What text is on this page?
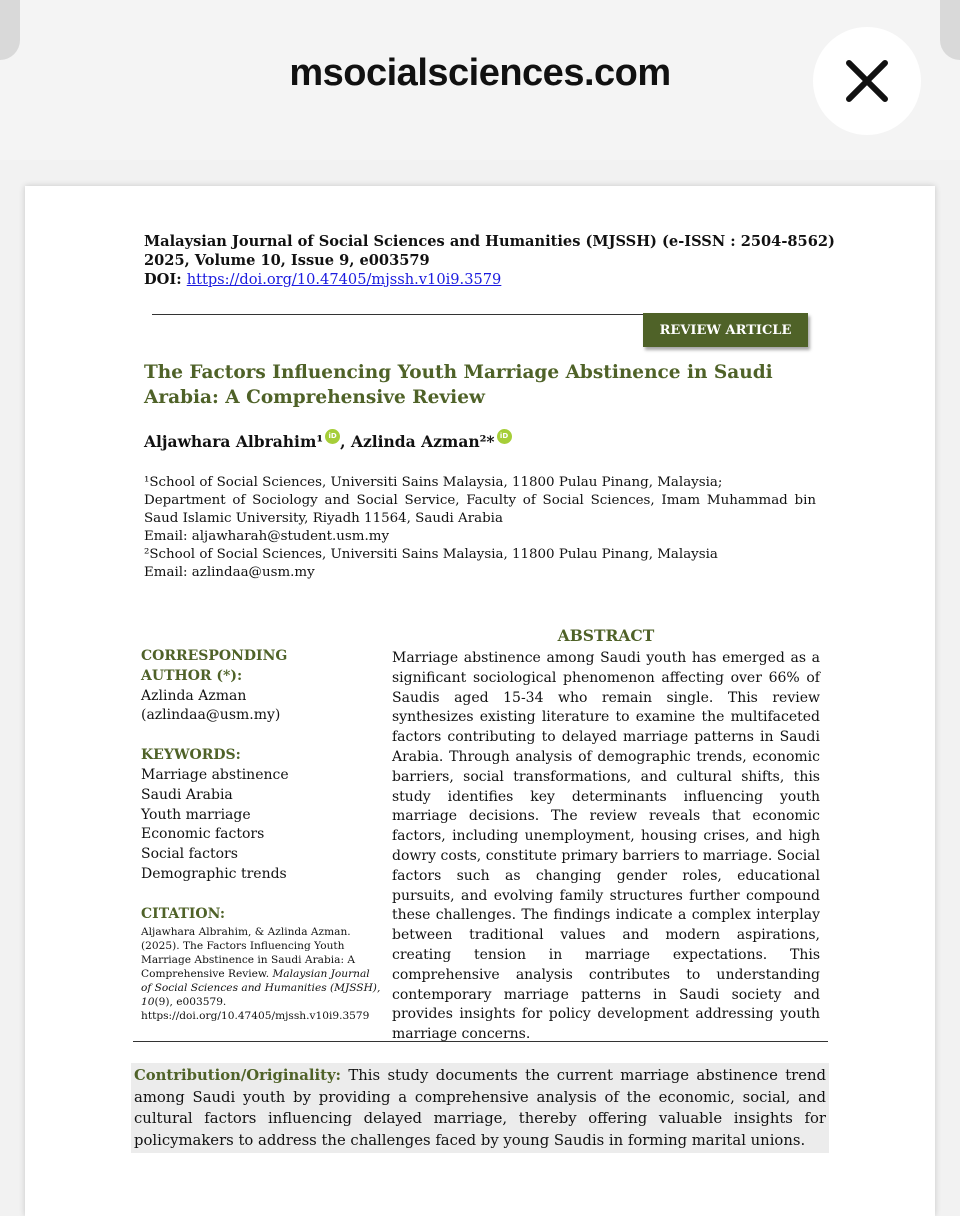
msocialsciences.com
Malaysian Journal of Social Sciences and Humanities (MJSSH) (e-ISSN : 2504-8562)
2025, Volume 10, Issue 9, e003579
DOI: https://doi.org/10.47405/mjssh.v10i9.3579
REVIEW ARTICLE
The Factors Influencing Youth Marriage Abstinence in Saudi Arabia: A Comprehensive Review
Aljawhara Albrahim¹ iD , Azlinda Azman²* iD

¹School of Social Sciences, Universiti Sains Malaysia, 11800 Pulau Pinang, Malaysia;

Department of Sociology and Social Service, Faculty of Social Sciences, Imam Muhammad bin Saud Islamic University, Riyadh 11564, Saudi Arabia

Email: aljawharah@student.usm.my

²School of Social Sciences, Universiti Sains Malaysia, 11800 Pulau Pinang, Malaysia

Email: azlindaa@usm.my

CORRESPONDING AUTHOR (*):

Azlinda Azman

(azlindaa@usm.my)

KEYWORDS:

Marriage abstinence

Saudi Arabia

Youth marriage

Economic factors

Social factors

Demographic trends

CITATION:

Aljawhara Albrahim, & Azlinda Azman. (2025). The Factors Influencing Youth Marriage Abstinence in Saudi Arabia: A Comprehensive Review. Malaysian Journal of Social Sciences and Humanities (MJSSH), 10(9), e003579.
https://doi.org/10.47405/mjssh.v10i9.3579

ABSTRACT

Marriage abstinence among Saudi youth has emerged as a significant sociological phenomenon affecting over 66% of Saudis aged 15-34 who remain single. This review synthesizes existing literature to examine the multifaceted factors contributing to delayed marriage patterns in Saudi Arabia. Through analysis of demographic trends, economic barriers, social transformations, and cultural shifts, this study identifies key determinants influencing youth marriage decisions. The review reveals that economic factors, including unemployment, housing crises, and high dowry costs, constitute primary barriers to marriage. Social factors such as changing gender roles, educational pursuits, and evolving family structures further compound these challenges. The findings indicate a complex interplay between traditional values and modern aspirations, creating tension in marriage expectations. This comprehensive analysis contributes to understanding contemporary marriage patterns in Saudi society and provides insights for policy development addressing youth marriage concerns.

Contribution/Originality: This study documents the current marriage abstinence trend among Saudi youth by providing a comprehensive analysis of the economic, social, and cultural factors influencing delayed marriage, thereby offering valuable insights for policymakers to address the challenges faced by young Saudis in forming marital unions.
